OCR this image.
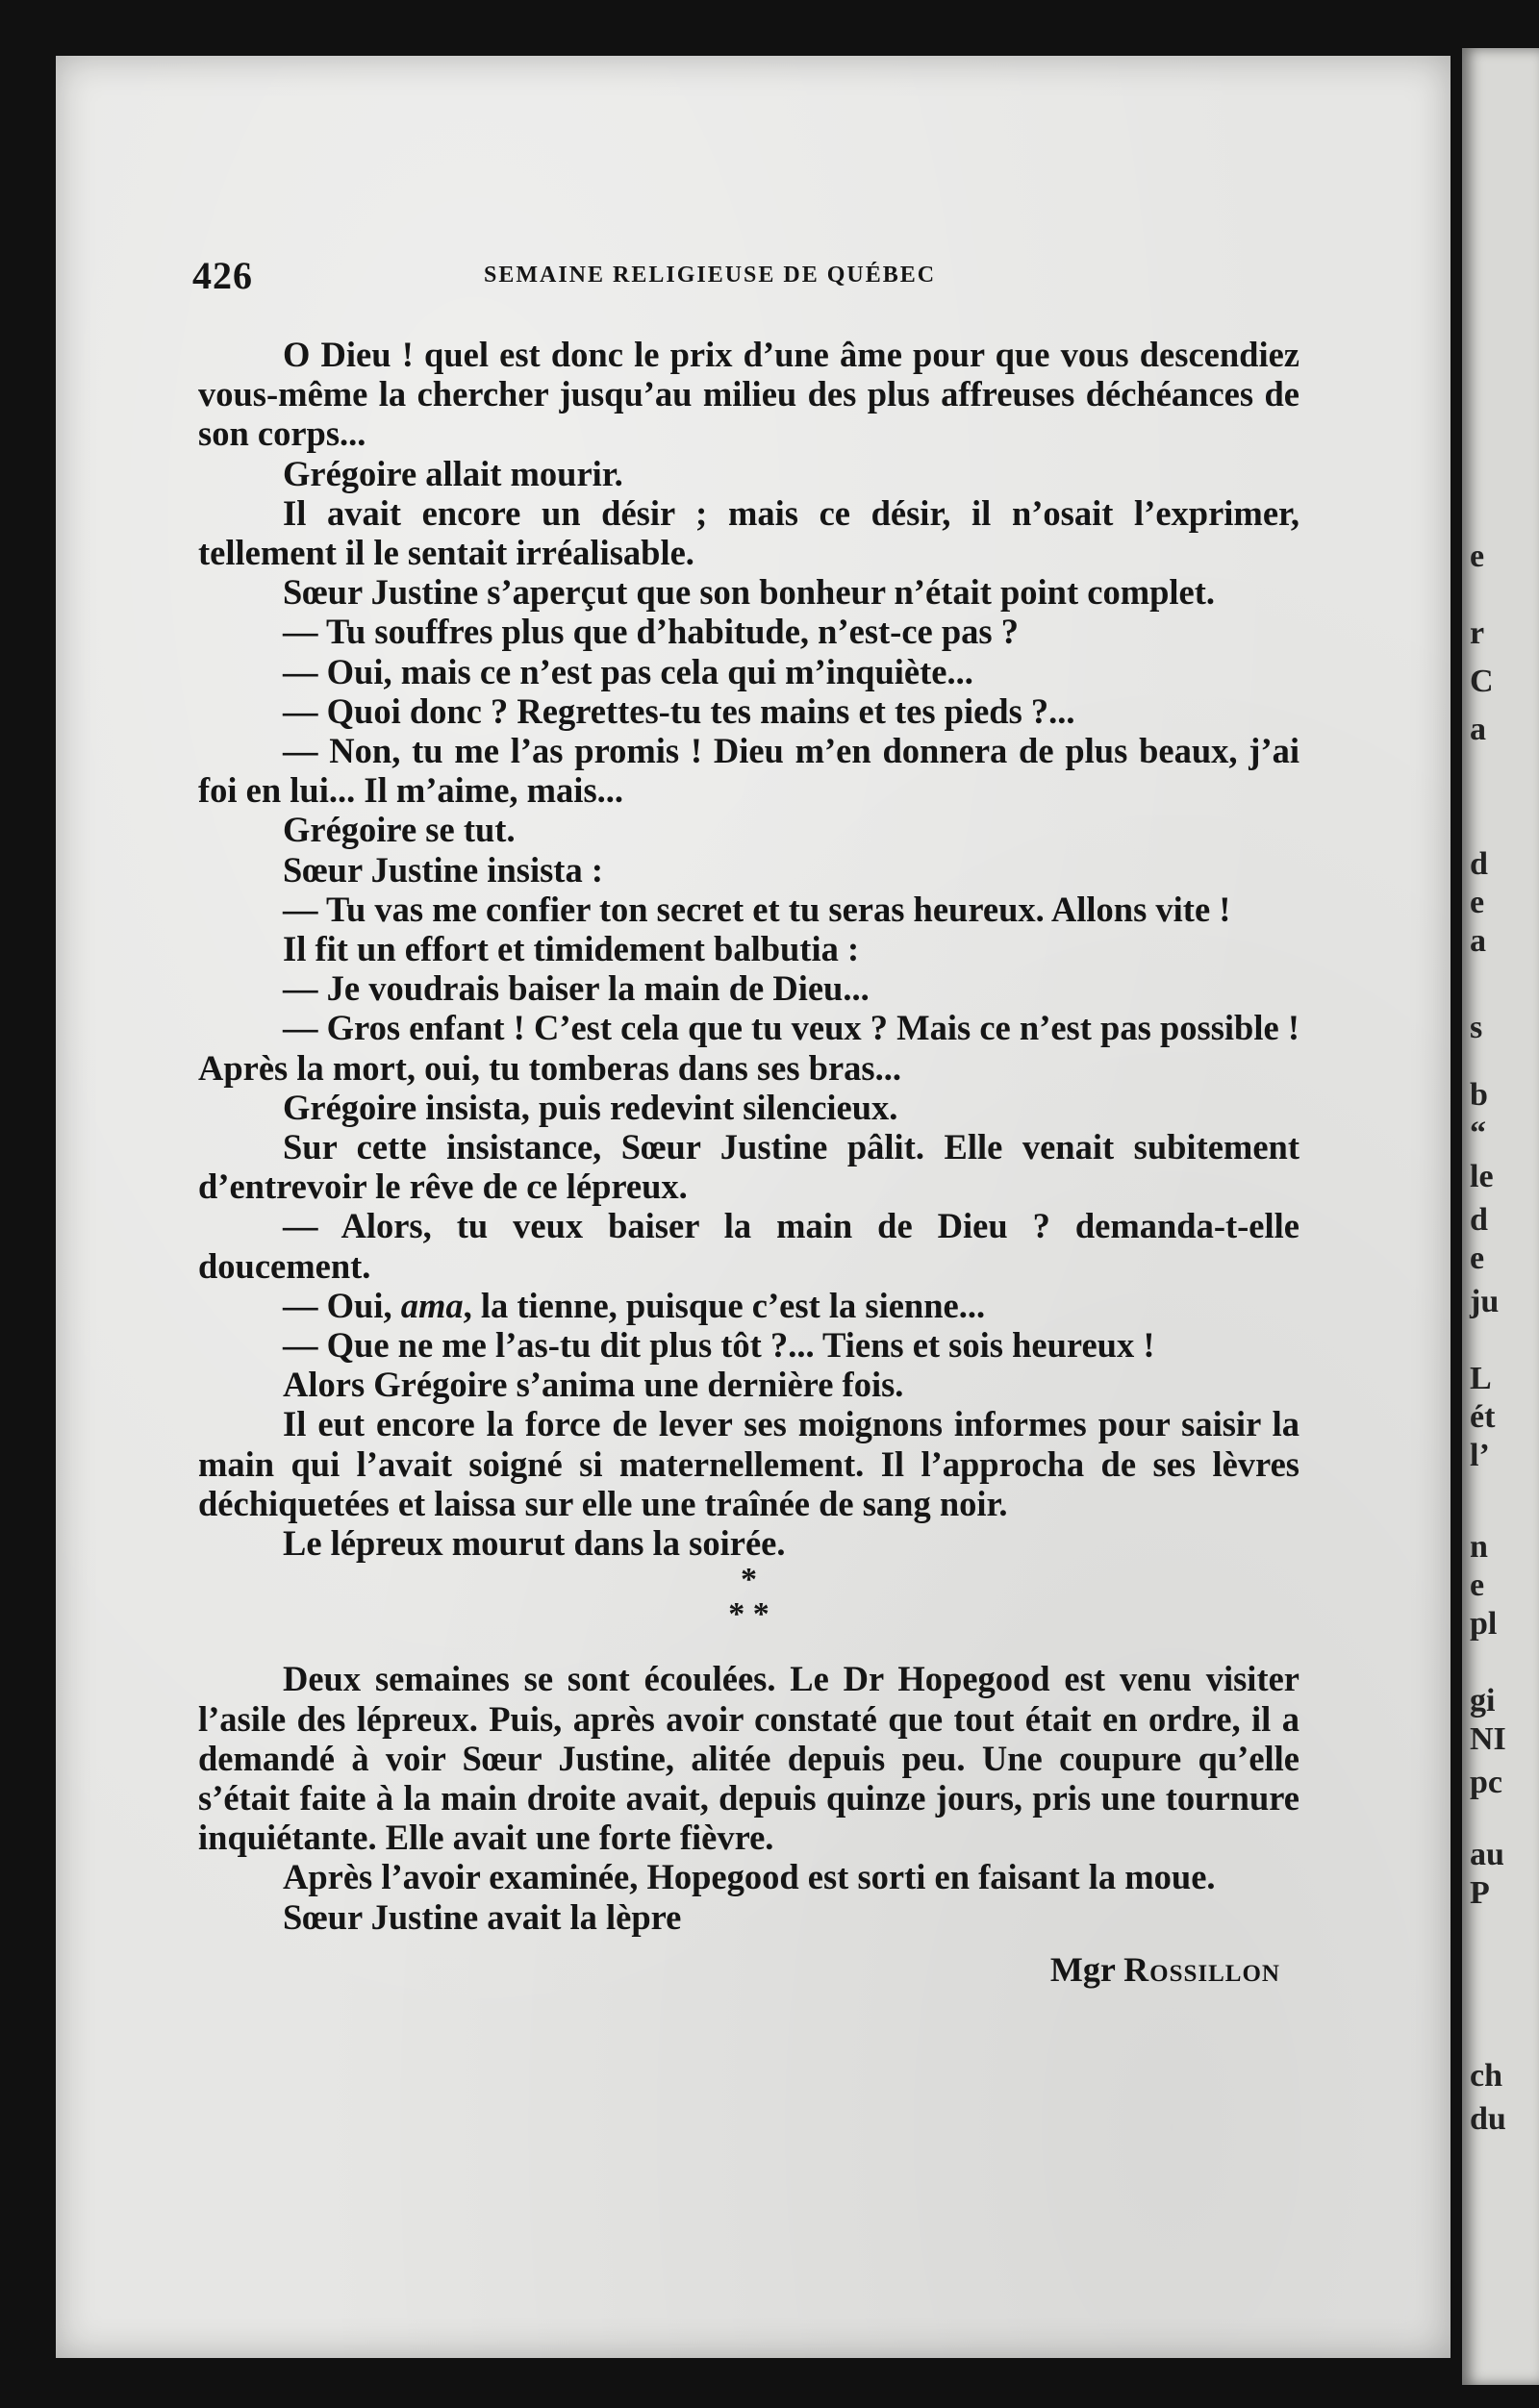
e
r
C
a
d
e
a
s
b
“
le
d
e
ju
L
ét
l’
n
e
pl
gi
NI
pc
au
P
ch
du
426	SEMAINE RELIGIEUSE DE QUÉBEC

O Dieu ! quel est donc le prix d’une âme pour que vous descendiez vous-même la chercher jusqu’au milieu des plus affreuses déchéances de son corps...

Grégoire allait mourir.

Il avait encore un désir ; mais ce désir, il n’osait l’exprimer, tellement il le sentait irréalisable.

Sœur Justine s’aperçut que son bonheur n’était point complet.

— Tu souffres plus que d’habitude, n’est-ce pas ?

— Oui, mais ce n’est pas cela qui m’inquiète...

— Quoi donc ? Regrettes-tu tes mains et tes pieds ?...

— Non, tu me l’as promis ! Dieu m’en donnera de plus beaux, j’ai foi en lui... Il m’aime, mais...

Grégoire se tut.

Sœur Justine insista :

— Tu vas me confier ton secret et tu seras heureux. Allons vite !

Il fit un effort et timidement balbutia :

— Je voudrais baiser la main de Dieu...

— Gros enfant ! C’est cela que tu veux ? Mais ce n’est pas possible ! Après la mort, oui, tu tomberas dans ses bras...

Grégoire insista, puis redevint silencieux.

Sur cette insistance, Sœur Justine pâlit. Elle venait subitement d’entrevoir le rêve de ce lépreux.

— Alors, tu veux baiser la main de Dieu ? demanda-t-elle doucement.

— Oui, ama, la tienne, puisque c’est la sienne...

— Que ne me l’as-tu dit plus tôt ?... Tiens et sois heureux !

Alors Grégoire s’anima une dernière fois.

Il eut encore la force de lever ses moignons informes pour saisir la main qui l’avait soigné si maternellement. Il l’approcha de ses lèvres déchiquetées et laissa sur elle une traînée de sang noir.

Le lépreux mourut dans la soirée.

*
* *

Deux semaines se sont écoulées. Le Dr Hopegood est venu visiter l’asile des lépreux. Puis, après avoir constaté que tout était en ordre, il a demandé à voir Sœur Justine, alitée depuis peu. Une coupure qu’elle s’était faite à la main droite avait, depuis quinze jours, pris une tournure inquiétante. Elle avait une forte fièvre.

Après l’avoir examinée, Hopegood est sorti en faisant la moue.

Sœur Justine avait la lèpre

Mgr Rossillon
